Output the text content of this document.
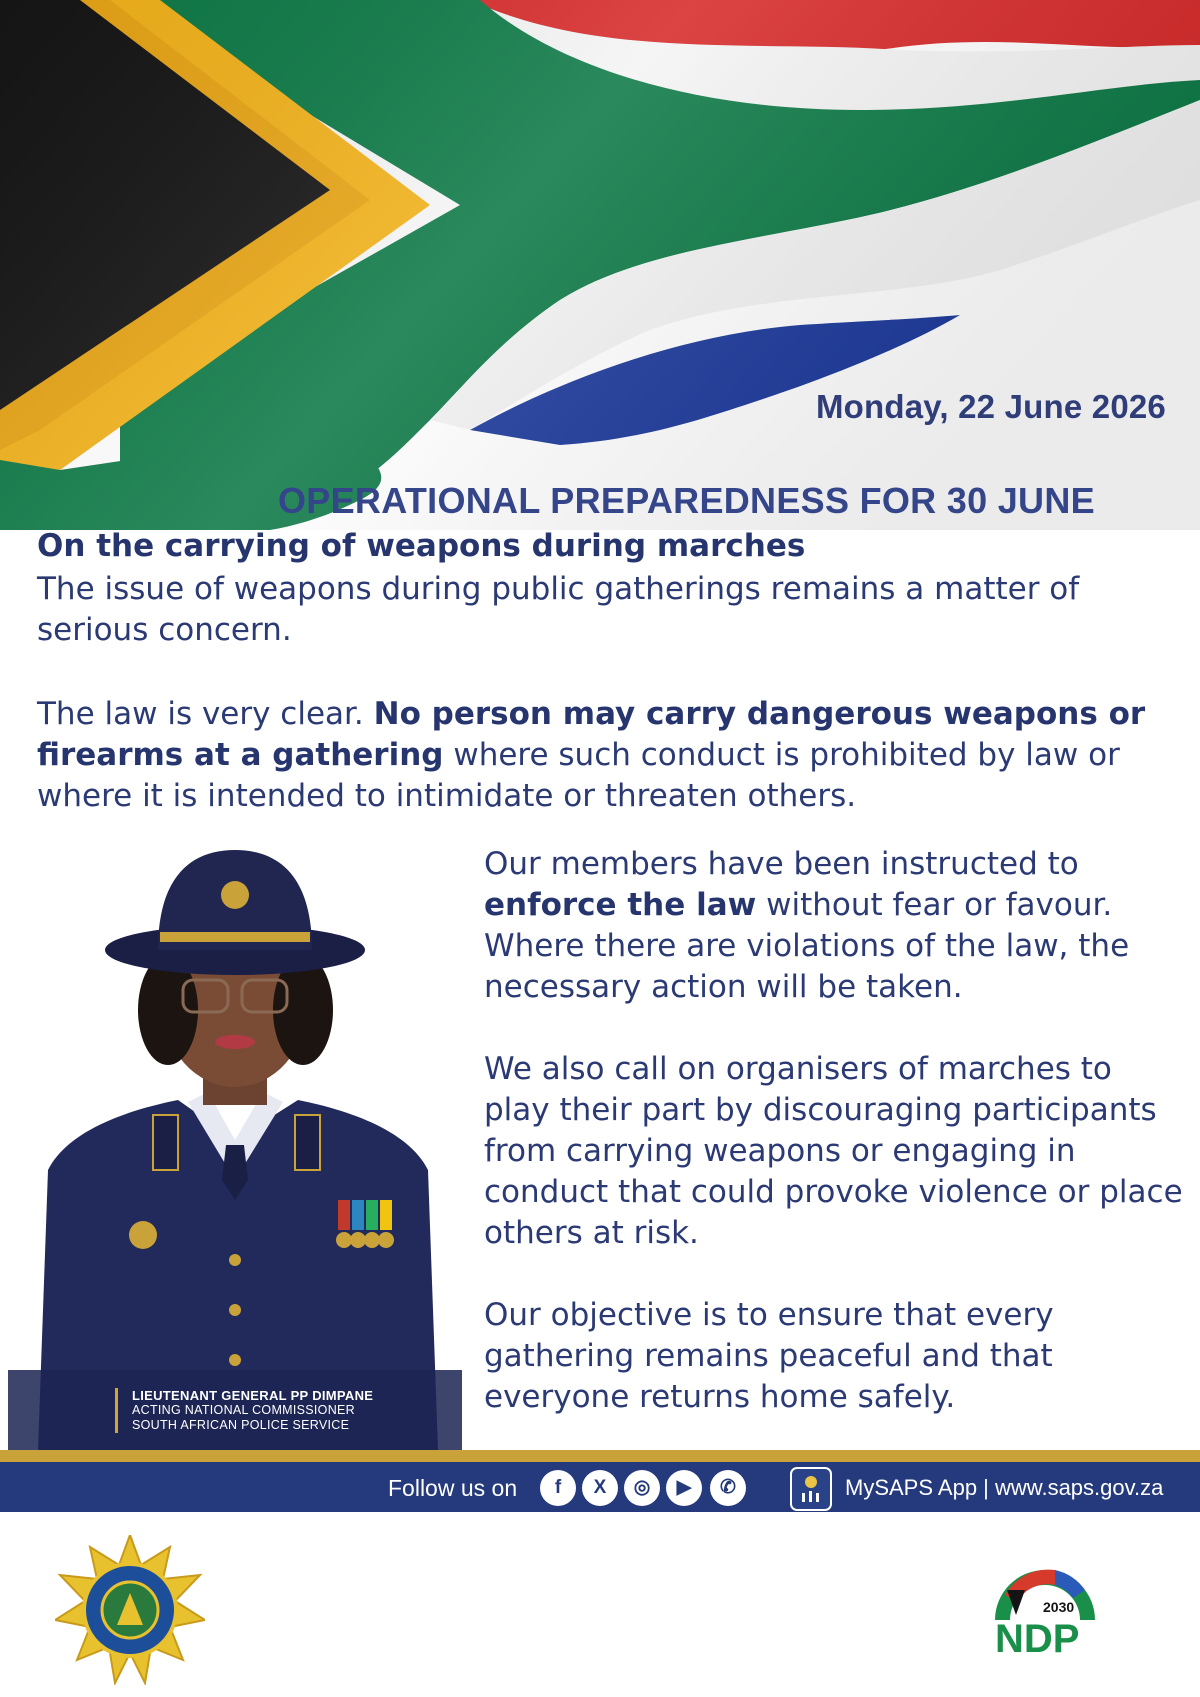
Monday, 22 June 2026
OPERATIONAL PREPAREDNESS FOR 30 JUNE
On the carrying of weapons during marches

The issue of weapons during public gatherings remains a matter of serious concern.

The law is very clear. No person may carry dangerous weapons or firearms at a gathering where such conduct is prohibited by law or where it is intended to intimidate or threaten others.

LIEUTENANT GENERAL PP DIMPANE
ACTING NATIONAL COMMISSIONER
SOUTH AFRICAN POLICE SERVICE

Our members have been instructed to enforce the law without fear or favour. Where there are violations of the law, the necessary action will be taken.

We also call on organisers of marches to play their part by discouraging participants from carrying weapons or engaging in conduct that could provoke violence or place others at risk.

Our objective is to ensure that every gathering remains peaceful and that everyone returns home safely.

Follow us on	f	X	◎	▶	✆	MySAPS App | www.saps.gov.za
2030
NDP
